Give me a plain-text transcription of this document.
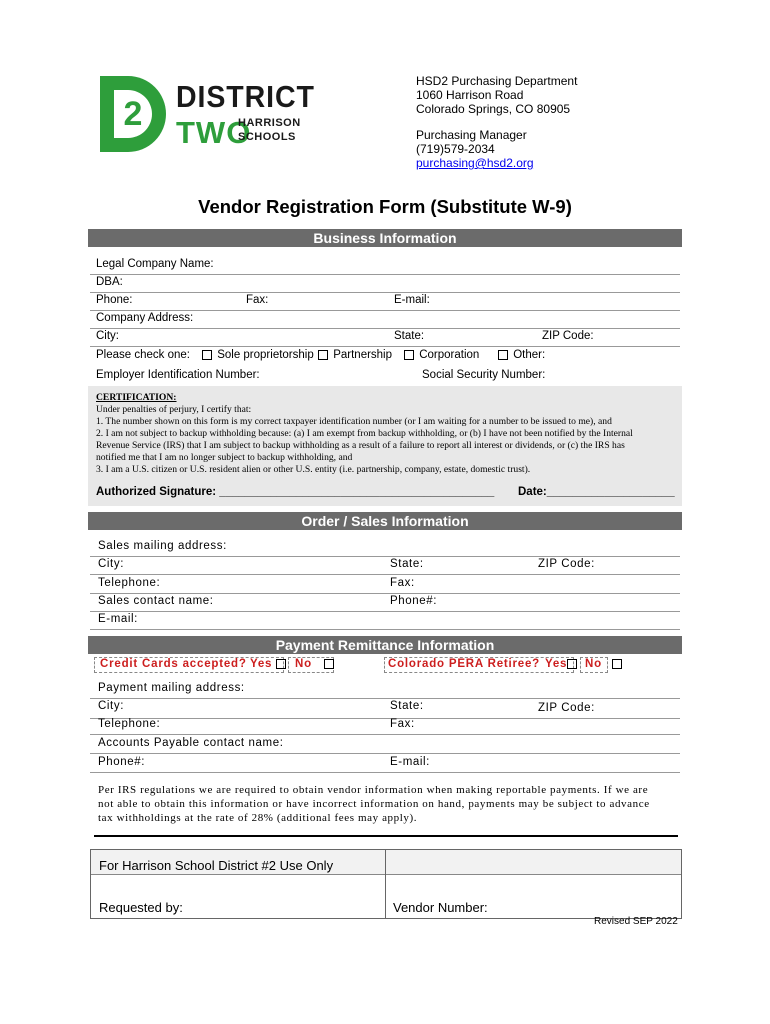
2	DISTRICT
TWO
HARRISON
SCHOOLS
HSD2 Purchasing Department
1060 Harrison Road
Colorado Springs, CO 80905
Purchasing Manager
(719)579-2034
purchasing@hsd2.org
Vendor Registration Form (Substitute W-9)
Business Information
Legal Company Name:
DBA:
Phone:	Fax:	E-mail:
Company Address:
City:	State:	ZIP Code:
Please check one:	Sole proprietorship	Partnership	Corporation	Other:
Employer Identification Number:	Social Security Number:
CERTIFICATION:
Under penalties of perjury, I certify that:
1. The number shown on this form is my correct taxpayer identification number (or I am waiting for a number to be issued to me), and
2. I am not subject to backup withholding because: (a) I am exempt from backup withholding, or (b) I have not been notified by the Internal
Revenue Service (IRS) that I am subject to backup withholding as a result of a failure to report all interest or dividends, or (c) the IRS has
notified me that I am no longer subject to backup withholding, and
3. I am a U.S. citizen or U.S. resident alien or other U.S. entity (i.e. partnership, company, estate, domestic trust).
Authorized Signature: ___________________________________________ Date:____________________
Order / Sales Information
Sales mailing address:
City:	State:	ZIP Code:
Telephone:	Fax:
Sales contact name:	Phone#:
E-mail:
Payment Remittance Information
Credit Cards accepted? Yes	No	Colorado PERA Retiree? Yes	No
Payment mailing address:
City:	State:	ZIP Code:
Telephone:	Fax:
Accounts Payable contact name:
Phone#:	E-mail:
Per IRS regulations we are required to obtain vendor information when making reportable payments. If we are not able to obtain this information or have incorrect information on hand, payments may be subject to advance tax withholdings at the rate of 28% (additional fees may apply).
For Harrison School District #2 Use Only
Requested by:	Vendor Number:
Revised SEP 2022
